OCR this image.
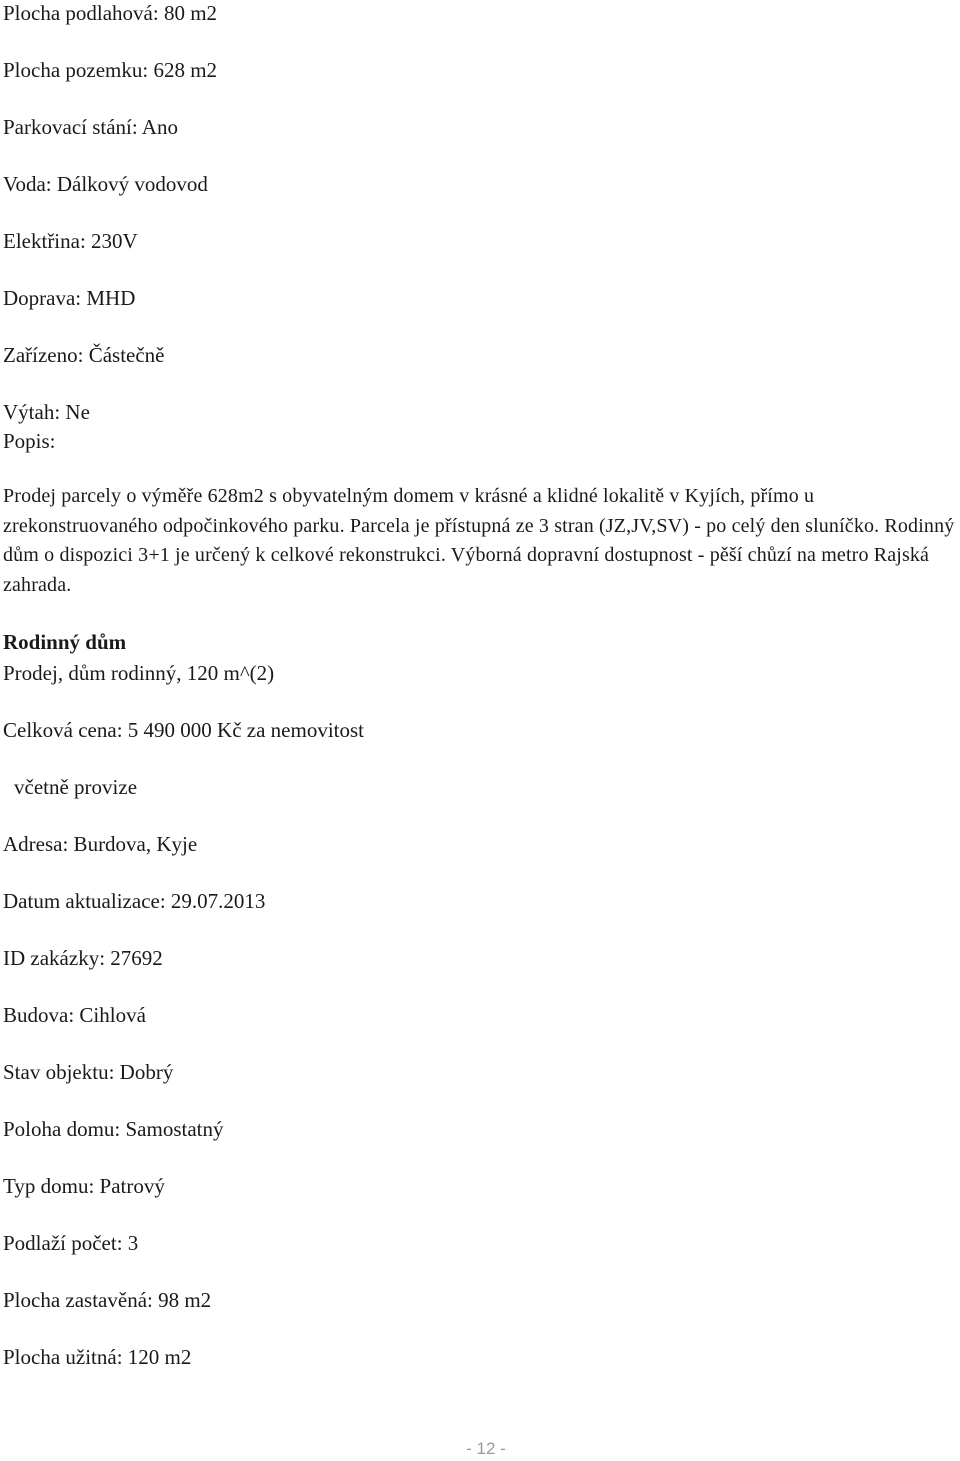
Plocha podlahová: 80 m2

Plocha pozemku: 628 m2

Parkovací stání: Ano

Voda: Dálkový vodovod

Elektřina: 230V

Doprava: MHD

Zařízeno: Částečně

Výtah: Ne

Popis:

Prodej parcely o výměře 628m2 s obyvatelným domem v krásné a klidné lokalitě v Kyjích, přímo u zrekonstruovaného odpočinkového parku. Parcela je přístupná ze 3 stran (JZ,JV,SV) - po celý den sluníčko. Rodinný dům o dispozici 3+1 je určený k celkové rekonstrukci. Výborná dopravní dostupnost - pěší chůzí na metro Rajská zahrada.

Rodinný dům

Prodej, dům rodinný, 120 m^(2)

Celková cena: 5 490 000 Kč za nemovitost

včetně provize

Adresa: Burdova, Kyje

Datum aktualizace: 29.07.2013

ID zakázky: 27692

Budova: Cihlová

Stav objektu: Dobrý

Poloha domu: Samostatný

Typ domu: Patrový

Podlaží počet: 3

Plocha zastavěná: 98 m2

Plocha užitná: 120 m2

- 12 -
